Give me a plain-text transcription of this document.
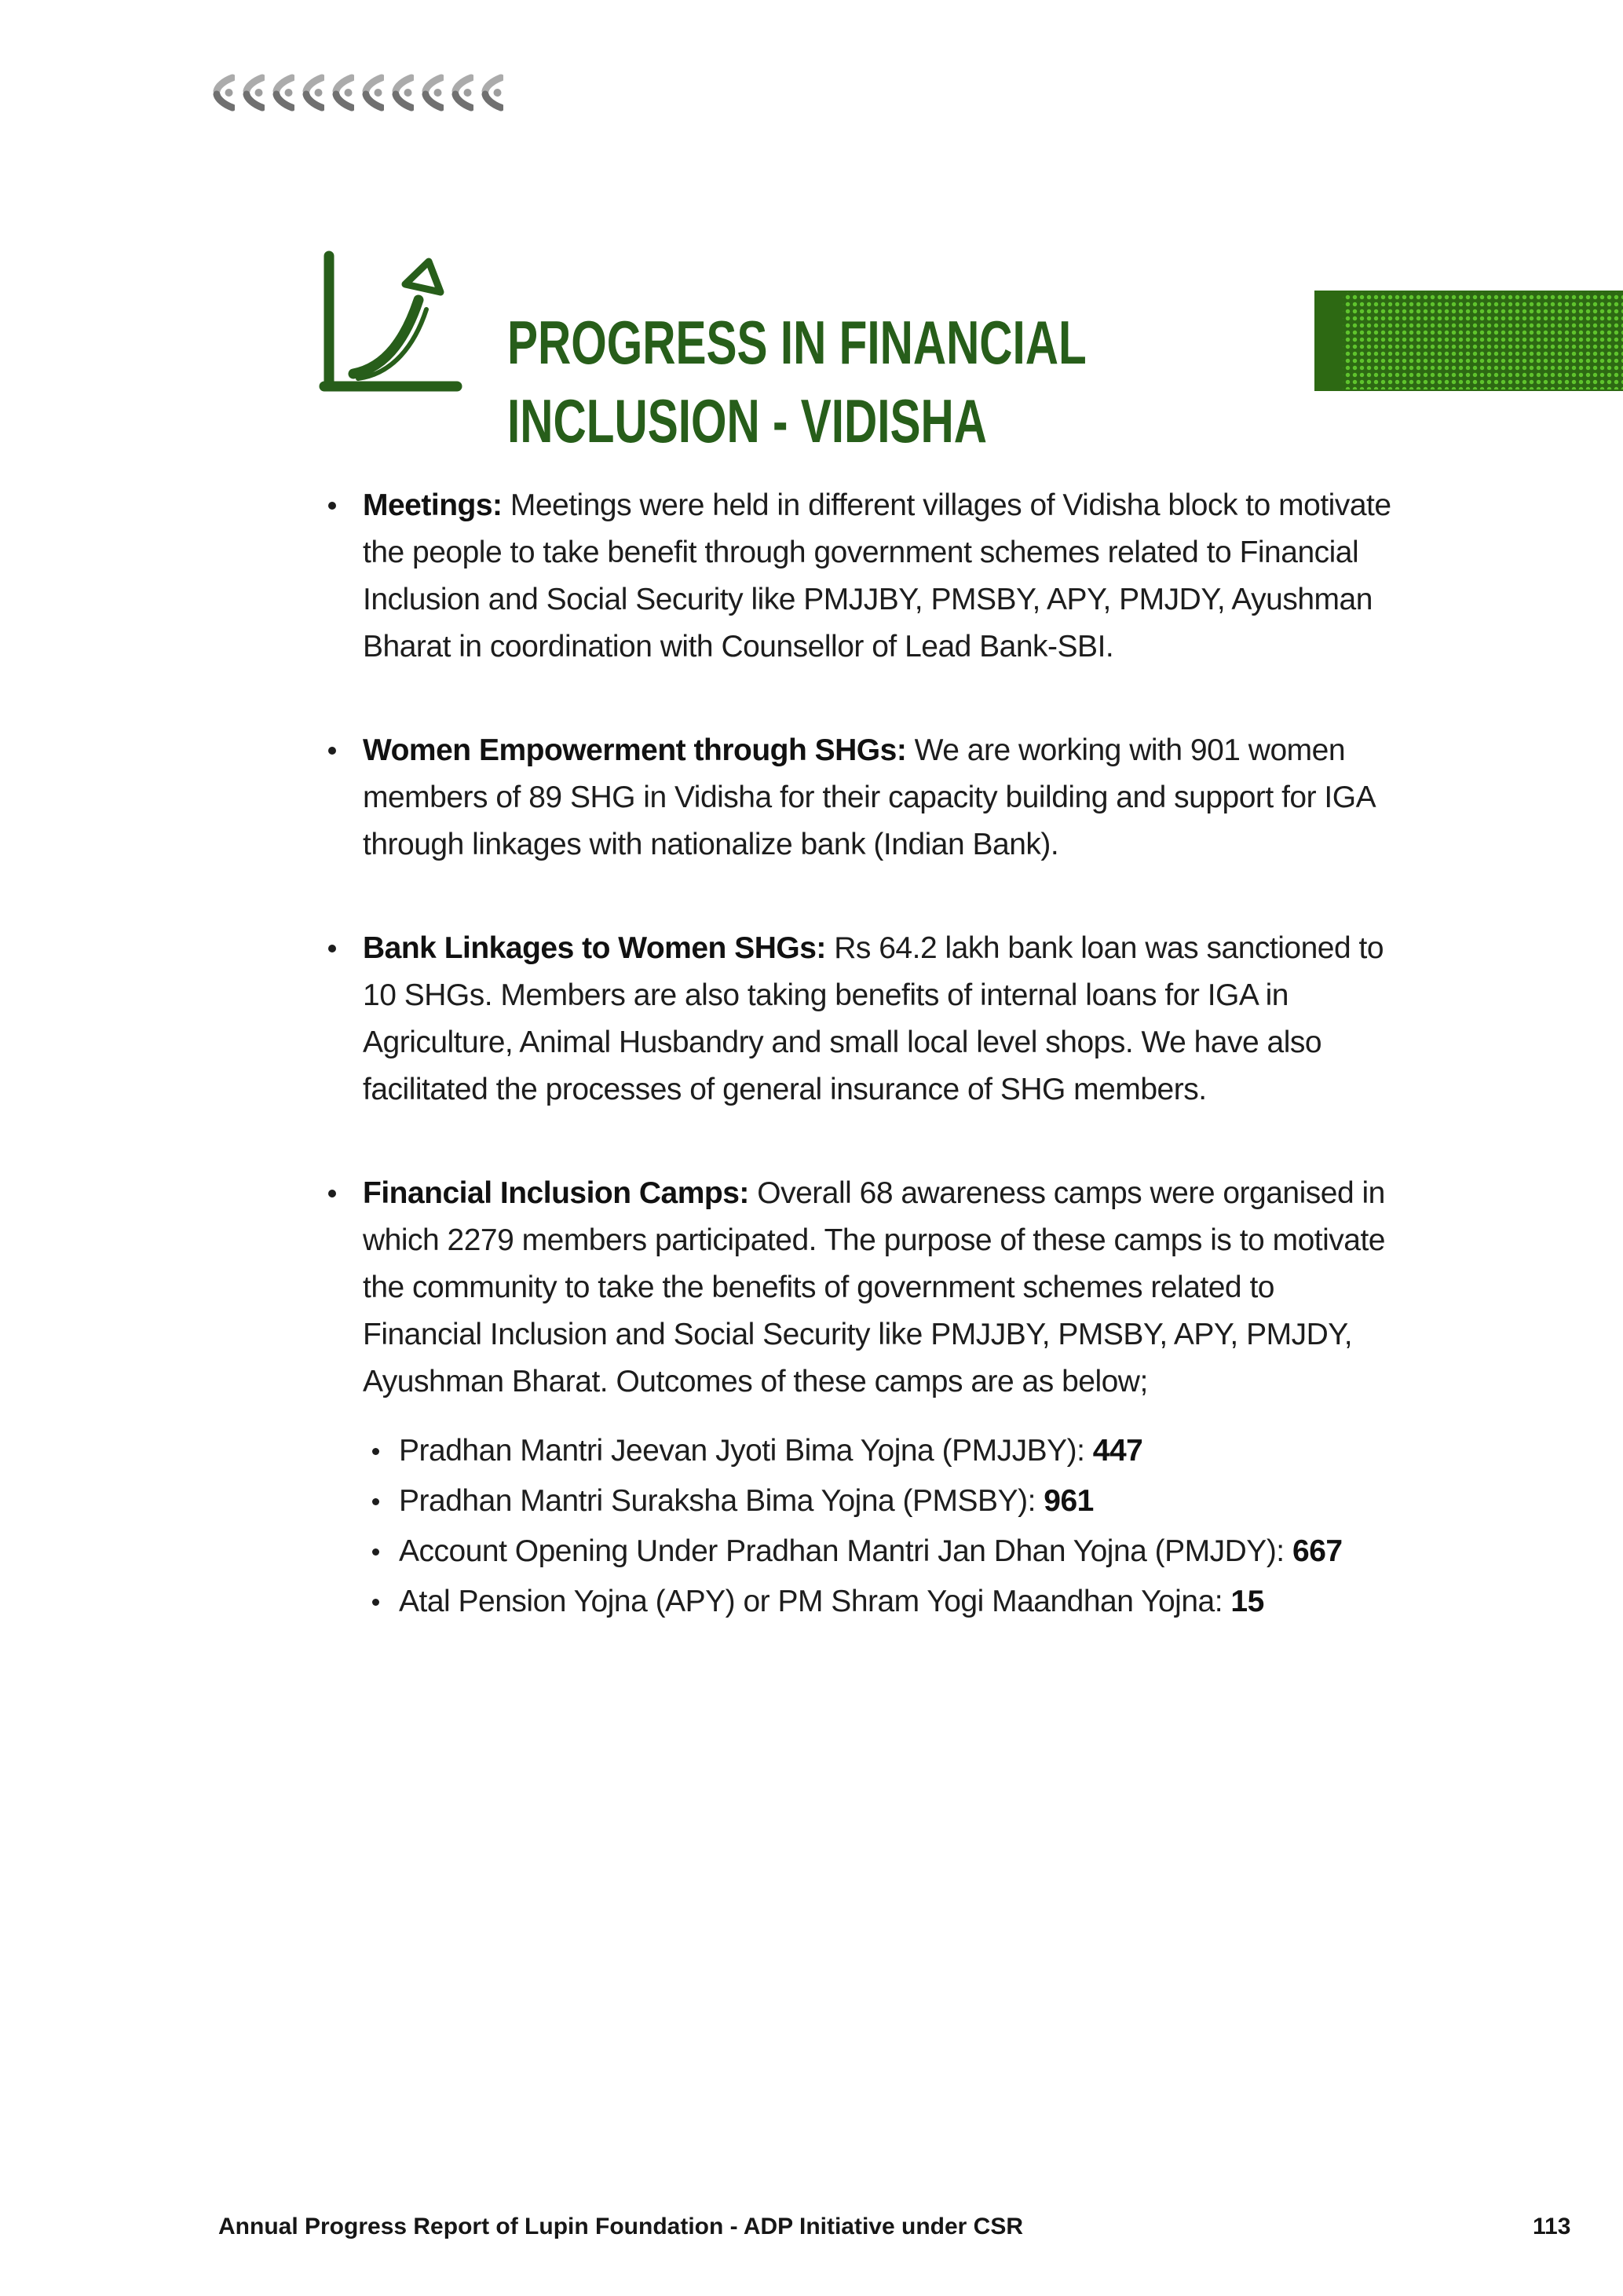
PROGRESS IN FINANCIAL
INCLUSION - VIDISHA
Meetings: Meetings were held in different villages of Vidisha block to motivate the people to take benefit through government schemes related to Financial Inclusion and Social Security like PMJJBY, PMSBY, APY, PMJDY, Ayushman Bharat in coordination with Counsellor of Lead Bank-SBI.
Women Empowerment through SHGs: We are working with 901 women members of 89 SHG in Vidisha for their capacity building and support for IGA through linkages with nationalize bank (Indian Bank).
Bank Linkages to Women SHGs: Rs 64.2 lakh bank loan was sanctioned to 10 SHGs. Members are also taking benefits of internal loans for IGA in Agriculture, Animal Husbandry and small local level shops. We have also facilitated the processes of general insurance of SHG members.
Financial Inclusion Camps: Overall 68 awareness camps were organised in which 2279 members participated. The purpose of these camps is to motivate the community to take the benefits of government schemes related to Financial Inclusion and Social Security like PMJJBY, PMSBY, APY, PMJDY, Ayushman Bharat. Outcomes of these camps are as below;
Pradhan Mantri Jeevan Jyoti Bima Yojna (PMJJBY): 447
Pradhan Mantri Suraksha Bima Yojna (PMSBY): 961
Account Opening Under Pradhan Mantri Jan Dhan Yojna (PMJDY): 667
Atal Pension Yojna (APY) or PM Shram Yogi Maandhan Yojna: 15
Annual Progress Report of Lupin Foundation - ADP Initiative under CSR	113
